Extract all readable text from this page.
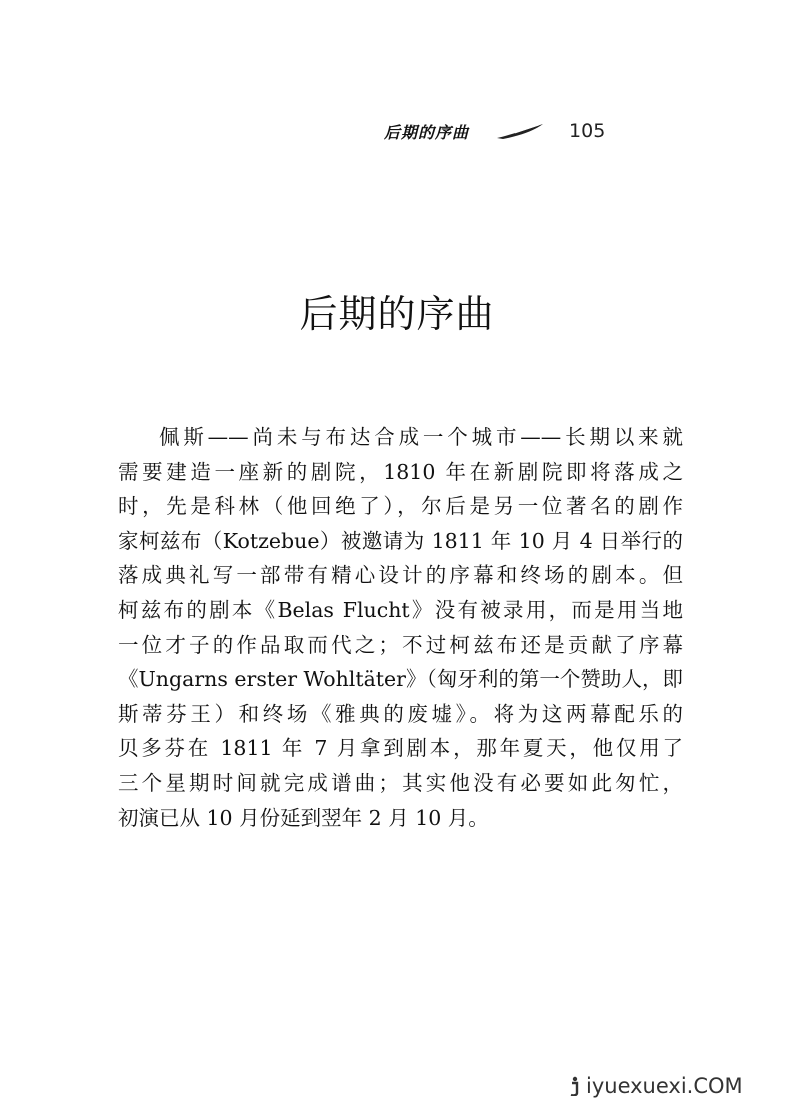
后期的序曲	105
后期的序曲
佩斯——尚未与布达合成一个城市——长期以来就
需要建造一座新的剧院，1810 年在新剧院即将落成之
时，先是科林（他回绝了），尔后是另一位著名的剧作
家柯兹布（Kotzebue）被邀请为 1811 年 10 月 4 日举行的
落成典礼写一部带有精心设计的序幕和终场的剧本。但
柯兹布的剧本《Belas Flucht》没有被录用，而是用当地
一位才子的作品取而代之；不过柯兹布还是贡献了序幕
《Ungarns erster Wohltäter》（匈牙利的第一个赞助人，即
斯蒂芬王）和终场《雅典的废墟》。将为这两幕配乐的
贝多芬在 1811 年 7 月拿到剧本，那年夏天，他仅用了
三个星期时间就完成谱曲；其实他没有必要如此匆忙，
初演已从 10 月份延到翌年 2 月 10 月。
iyuexuexi.COM
